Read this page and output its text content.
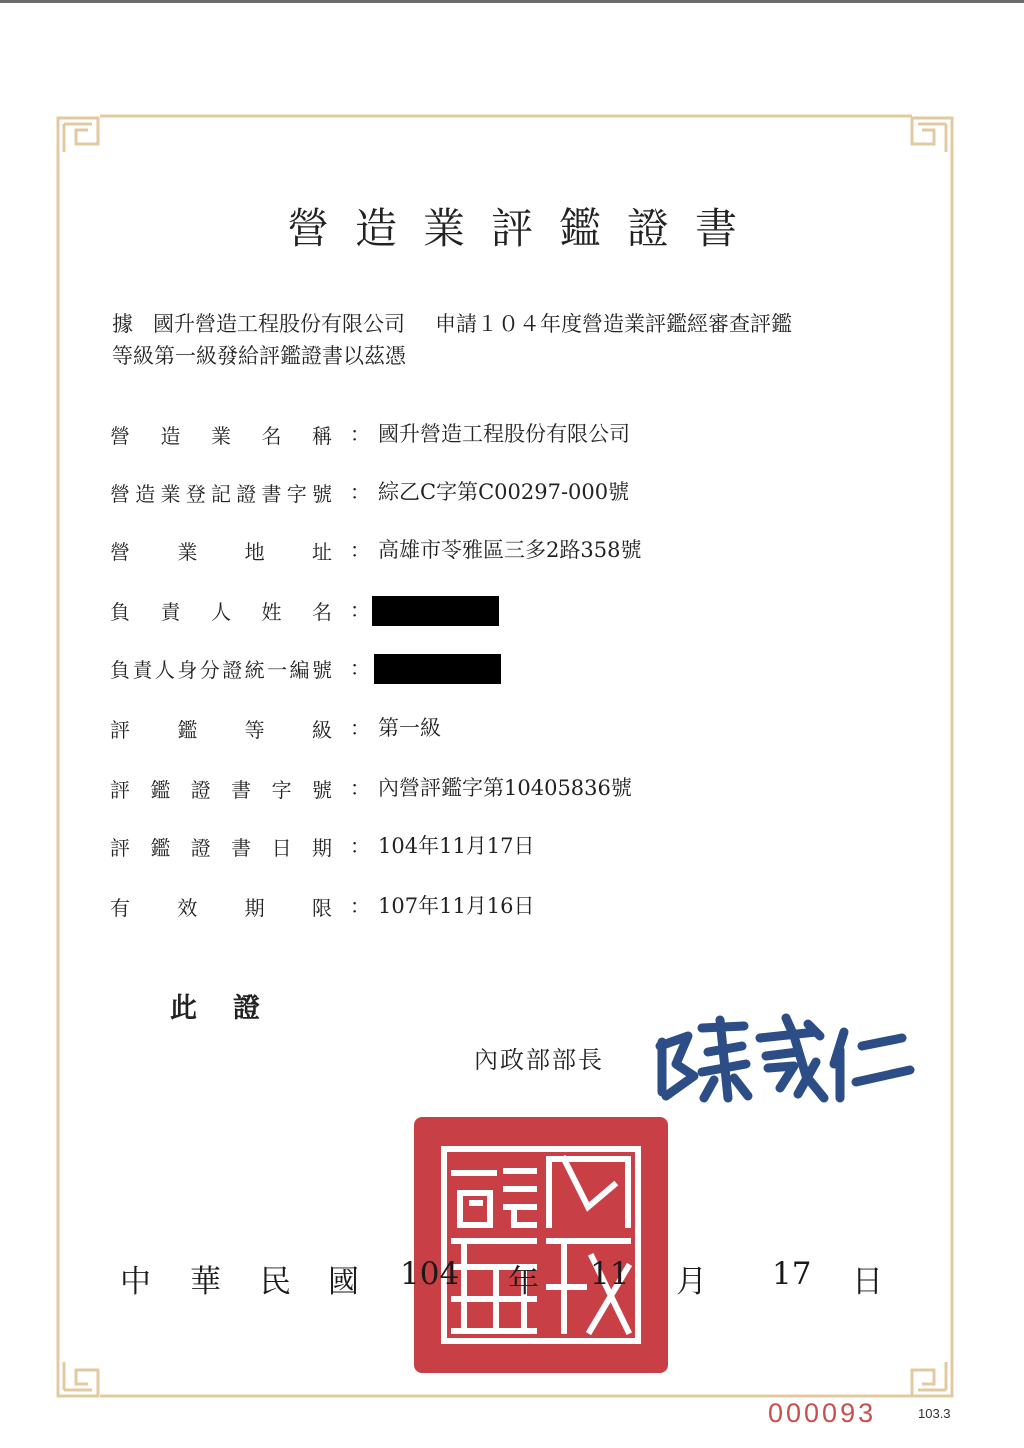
營造業評鑑證書
據 國升營造工程股份有限公司 申請１０４年度營造業評鑑經審查評鑑
等級第一級發給評鑑證書以茲憑
營 造 業 名 稱 ： 國升營造工程股份有限公司
營 造 業 登 記 證 書 字 號 ： 綜乙C字第C00297-000號
營 業 地 址 ： 高雄市苓雅區三多2路358號
負 責 人 姓 名 ：
負 責 人 身 分 證 統 一 編 號 ：
評 鑑 等 級 ： 第一級
評 鑑 證 書 字 號 ： 內營評鑑字第10405836號
評 鑑 證 書 日 期 ： 104年11月17日
有 效 期 限 ： 107年11月16日
此證
內政部部長
中 華 民 國 104 年 11 月 17 日
000093	103.3
